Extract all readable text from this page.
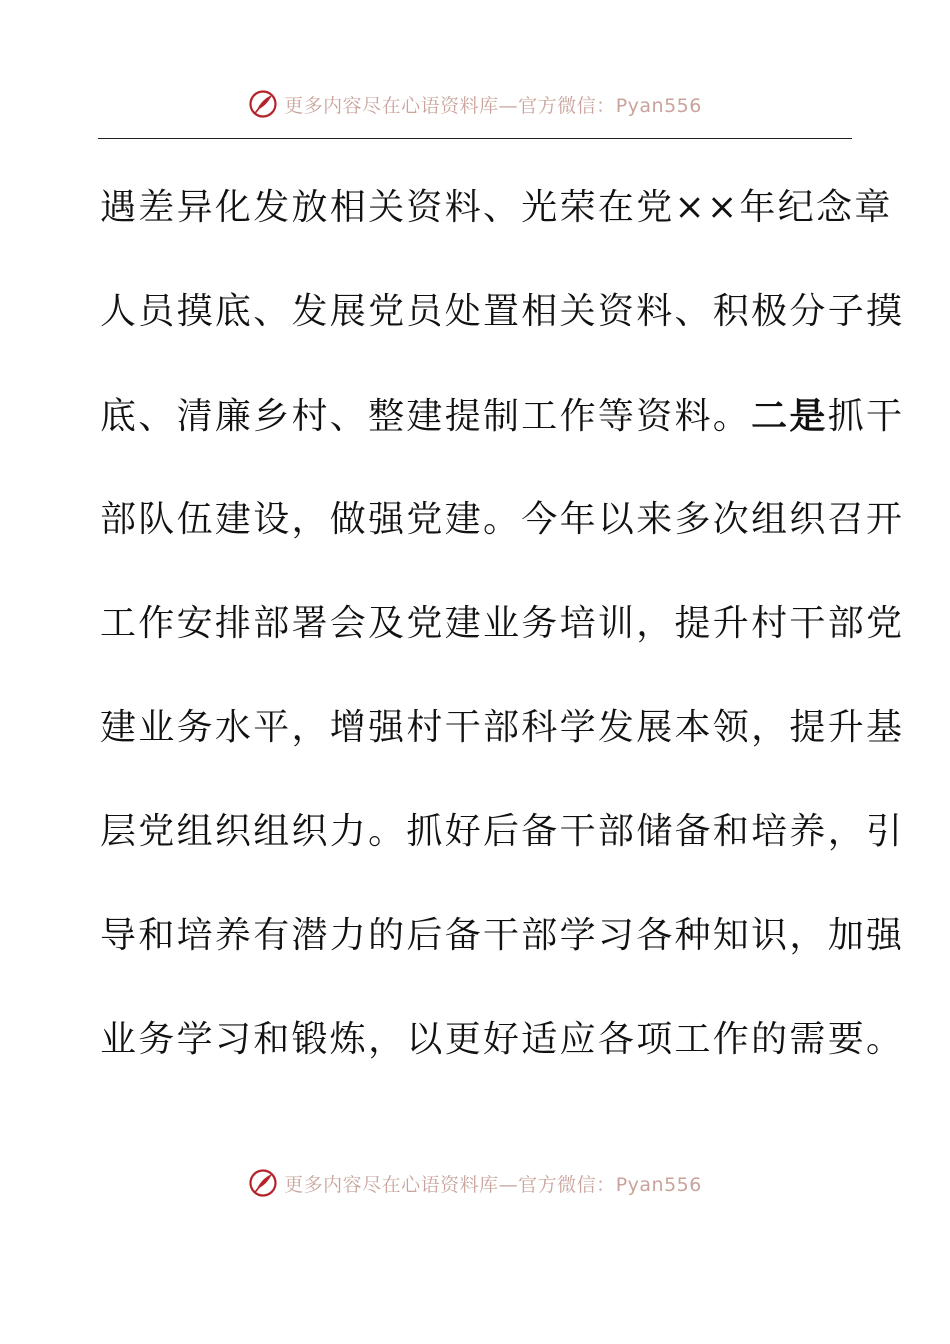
更多内容尽在心语资料库—官方微信：Pyan556
遇差异化发放相关资料、光荣在党××年纪念章
人员摸底、发展党员处置相关资料、积极分子摸
底、清廉乡村、整建提制工作等资料。二是抓干
部队伍建设，做强党建。今年以来多次组织召开
工作安排部署会及党建业务培训，提升村干部党
建业务水平，增强村干部科学发展本领，提升基
层党组织组织力。抓好后备干部储备和培养，引
导和培养有潜力的后备干部学习各种知识，加强
业务学习和锻炼，以更好适应各项工作的需要。
更多内容尽在心语资料库—官方微信：Pyan556
